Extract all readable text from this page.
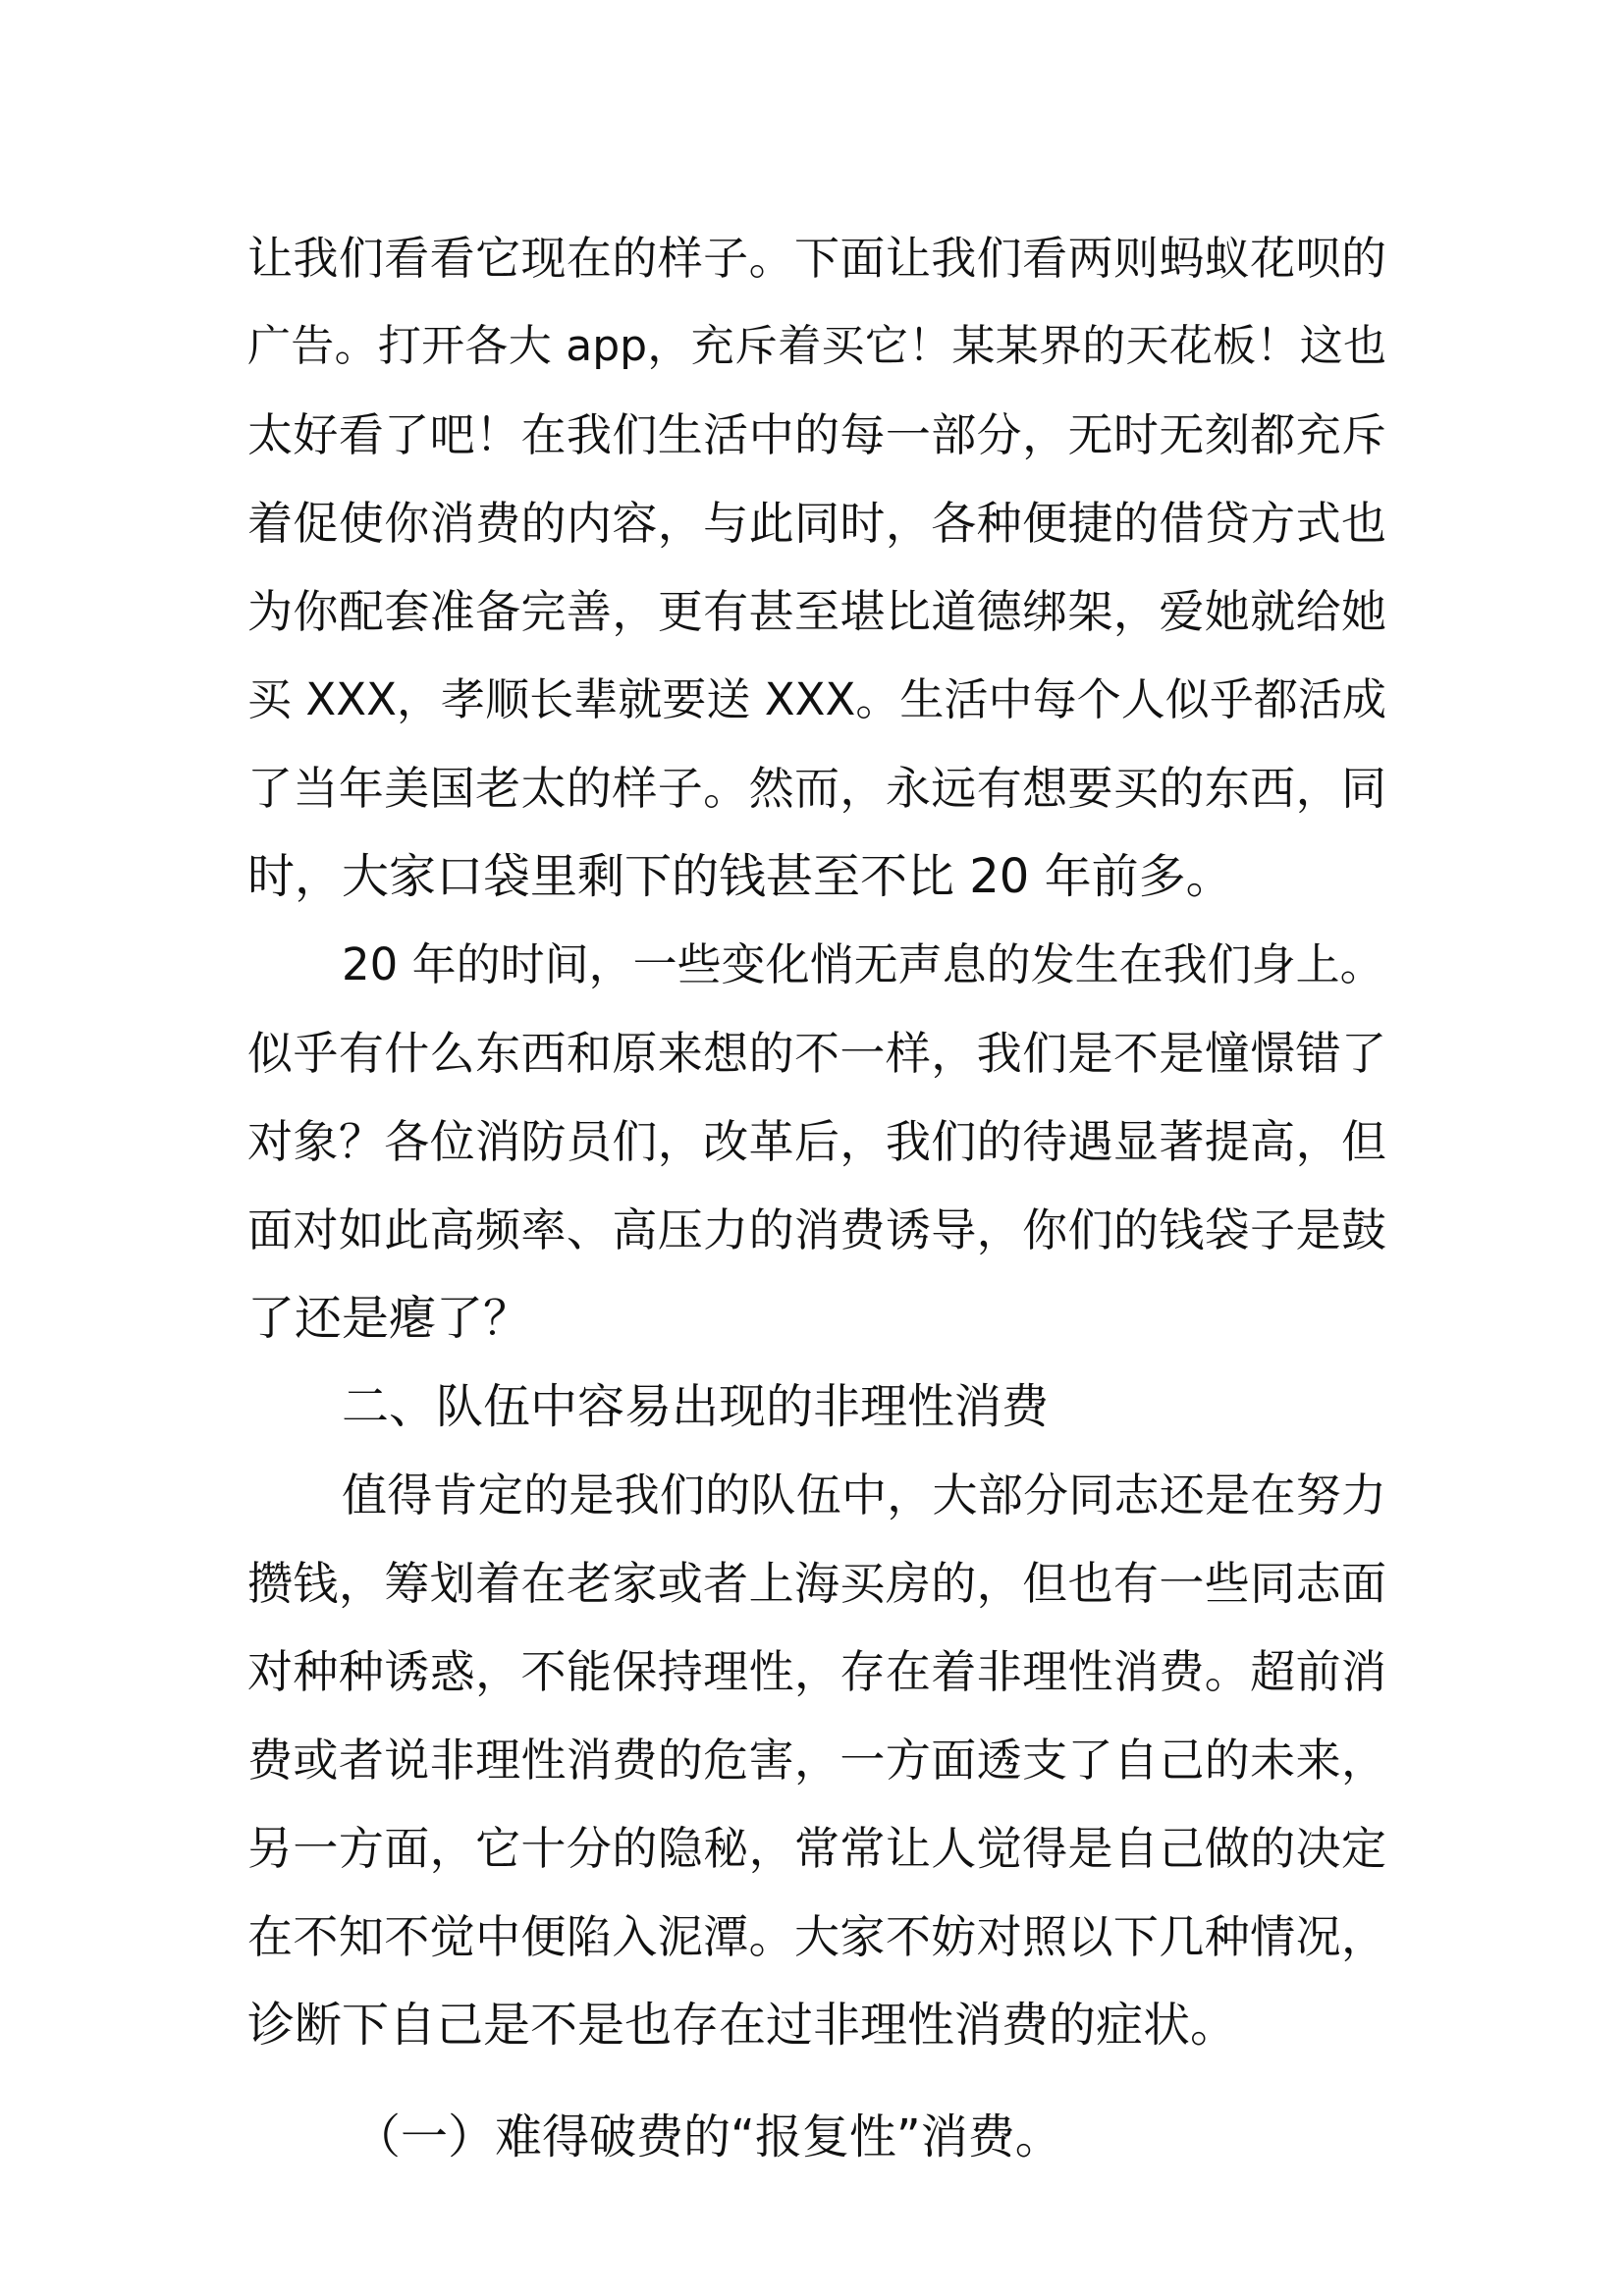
让我们看看它现在的样子。下面让我们看两则蚂蚁花呗的
广告。打开各大 app，充斥着买它！某某界的天花板！这也
太好看了吧！在我们生活中的每一部分，无时无刻都充斥
着促使你消费的内容，与此同时，各种便捷的借贷方式也
为你配套准备完善，更有甚至堪比道德绑架，爱她就给她
买 XXX，孝顺长辈就要送 XXX。生活中每个人似乎都活成
了当年美国老太的样子。然而，永远有想要买的东西，同
时，大家口袋里剩下的钱甚至不比 20 年前多。
20 年的时间，一些变化悄无声息的发生在我们身上。
似乎有什么东西和原来想的不一样，我们是不是憧憬错了
对象？各位消防员们，改革后，我们的待遇显著提高，但
面对如此高频率、高压力的消费诱导，你们的钱袋子是鼓
了还是瘪了？
二、队伍中容易出现的非理性消费
值得肯定的是我们的队伍中，大部分同志还是在努力
攒钱，筹划着在老家或者上海买房的，但也有一些同志面
对种种诱惑，不能保持理性，存在着非理性消费。超前消
费或者说非理性消费的危害，一方面透支了自己的未来，
另一方面，它十分的隐秘，常常让人觉得是自己做的决定
在不知不觉中便陷入泥潭。大家不妨对照以下几种情况，
诊断下自己是不是也存在过非理性消费的症状。
（一）难得破费的“报复性”消费。
